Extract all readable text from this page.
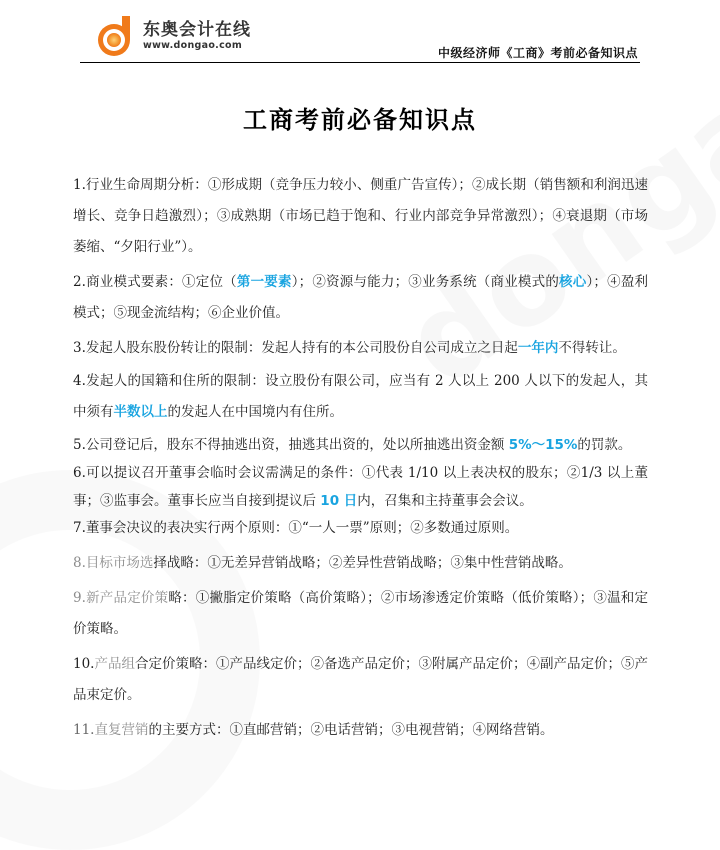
东奥会计在线
www.dongao.com
中级经济师《工商》考前必备知识点
工商考前必备知识点

1.行业生命周期分析：①形成期（竞争压力较小、侧重广告宣传）；②成长期（销售额和利润迅速增长、竞争日趋激烈）；③成熟期（市场已趋于饱和、行业内部竞争异常激烈）；④衰退期（市场萎缩、“夕阳行业”）。

2.商业模式要素：①定位（第一要素）；②资源与能力；③业务系统（商业模式的核心）；④盈利模式；⑤现金流结构；⑥企业价值。

3.发起人股东股份转让的限制：发起人持有的本公司股份自公司成立之日起一年内不得转让。

4.发起人的国籍和住所的限制：设立股份有限公司，应当有 2 人以上 200 人以下的发起人，其中须有半数以上的发起人在中国境内有住所。

5.公司登记后，股东不得抽逃出资，抽逃其出资的，处以所抽逃出资金额 5%～15%的罚款。

6.可以提议召开董事会临时会议需满足的条件：①代表 1/10 以上表决权的股东；②1/3 以上董事；③监事会。董事长应当自接到提议后 10 日内，召集和主持董事会会议。

7.董事会决议的表决实行两个原则：①“一人一票”原则；②多数通过原则。

8.目标市场选择战略：①无差异营销战略；②差异性营销战略；③集中性营销战略。

9.新产品定价策略：①撇脂定价策略（高价策略）；②市场渗透定价策略（低价策略）；③温和定价策略。

10.产品组合定价策略：①产品线定价；②备选产品定价；③附属产品定价；④副产品定价；⑤产品束定价。

11.直复营销的主要方式：①直邮营销；②电话营销；③电视营销；④网络营销。
